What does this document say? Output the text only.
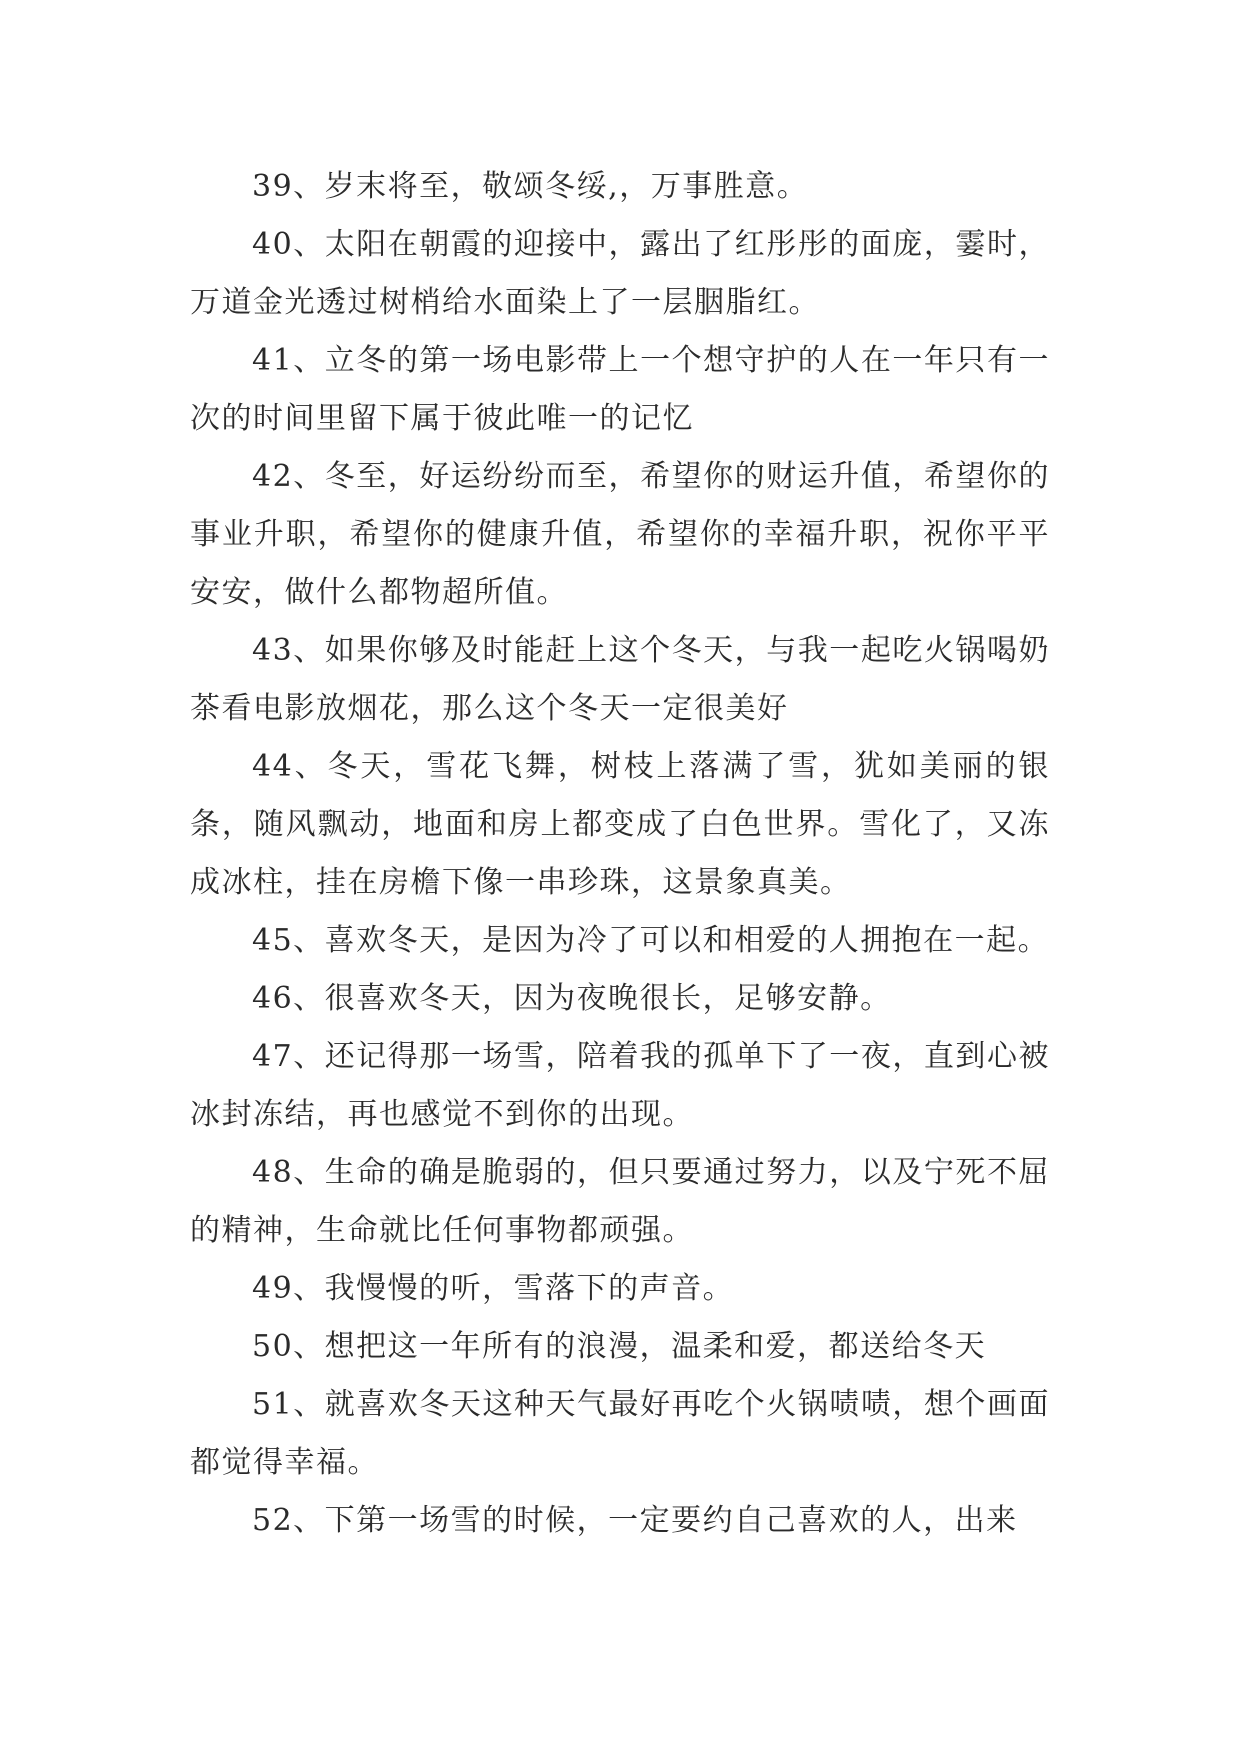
39、岁末将至，敬颂冬绥,，万事胜意。

40、太阳在朝霞的迎接中，露出了红彤彤的面庞，霎时，万道金光透过树梢给水面染上了一层胭脂红。

41、立冬的第一场电影带上一个想守护的人在一年只有一次的时间里留下属于彼此唯一的记忆

42、冬至，好运纷纷而至，希望你的财运升值，希望你的事业升职，希望你的健康升值，希望你的幸福升职，祝你平平安安，做什么都物超所值。

43、如果你够及时能赶上这个冬天，与我一起吃火锅喝奶茶看电影放烟花，那么这个冬天一定很美好

44、冬天，雪花飞舞，树枝上落满了雪，犹如美丽的银条，随风飘动，地面和房上都变成了白色世界。雪化了，又冻成冰柱，挂在房檐下像一串珍珠，这景象真美。

45、喜欢冬天，是因为冷了可以和相爱的人拥抱在一起。

46、很喜欢冬天，因为夜晚很长，足够安静。

47、还记得那一场雪，陪着我的孤单下了一夜，直到心被冰封冻结，再也感觉不到你的出现。

48、生命的确是脆弱的，但只要通过努力，以及宁死不屈的精神，生命就比任何事物都顽强。

49、我慢慢的听，雪落下的声音。

50、想把这一年所有的浪漫，温柔和爱，都送给冬天

51、就喜欢冬天这种天气最好再吃个火锅啧啧，想个画面都觉得幸福。

52、下第一场雪的时候，一定要约自己喜欢的人，出来
